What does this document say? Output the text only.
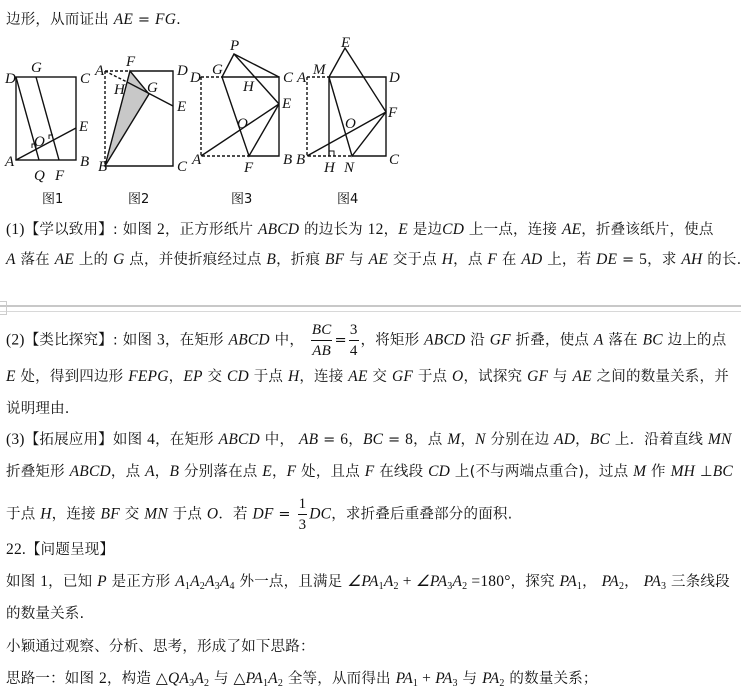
D
G
C
E
O
A
Q F
B
图1
A
F
D
H G
E
B	C
图2
P
D G	C
H
E
O
A	F B
图3
E
A M	D
F
O
B H N C
图4
边形，从而证出 AE = FG.
(1)【学以致用】: 如图 2，正方形纸片 ABCD 的边长为 12，E 是边CD 上一点，连接 AE，折叠该纸片，使点
A 落在 AE 上的 G 点，并使折痕经过点 B，折痕 BF 与 AE 交于点 H，点 F 在 AD 上，若 DE = 5，求 AH 的长.
(2)【类比探究】: 如图 3，在矩形 ABCD 中， $\frac{BC}{AB} = \frac{3}{4}$ ，将矩形 ABCD 沿 GF 折叠，使点 A 落在 BC 边上的点
E 处，得到四边形 FEPG，EP 交 CD 于点 H，连接 AE 交 GF 于点 O，试探究 GF 与 AE 之间的数量关系，并
说明理由.
(3)【拓展应用】如图 4，在矩形 ABCD 中， AB = 6，BC = 8，点 M，N 分别在边 AD，BC 上．沿着直线 MN
折叠矩形 ABCD，点 A，B 分别落在点 E，F 处，且点 F 在线段 CD 上(不与两端点重合)，过点 M 作 MH ⊥BC
于点 H，连接 BF 交 MN 于点 O．若 DF = $\frac{1}{3}$ DC，求折叠后重叠部分的面积.
22.【问题呈现】
如图 1，已知 P 是正方形 $A_1A_2A_3A_4$ 外一点，且满足 $\angle PA_1A_2$ + $\angle PA_3A_2 =180^\circ$，探究 $PA_1$， $PA_2$， $PA_3$ 三条线段
的数量关系.
小颖通过观察、分析、思考，形成了如下思路：
思路一：如图 2，构造 $\triangle QA_3A_2$ 与 $\triangle PA_1A_2$ 全等，从而得出 $PA_1 + PA_3$ 与 $PA_2$ 的数量关系；
